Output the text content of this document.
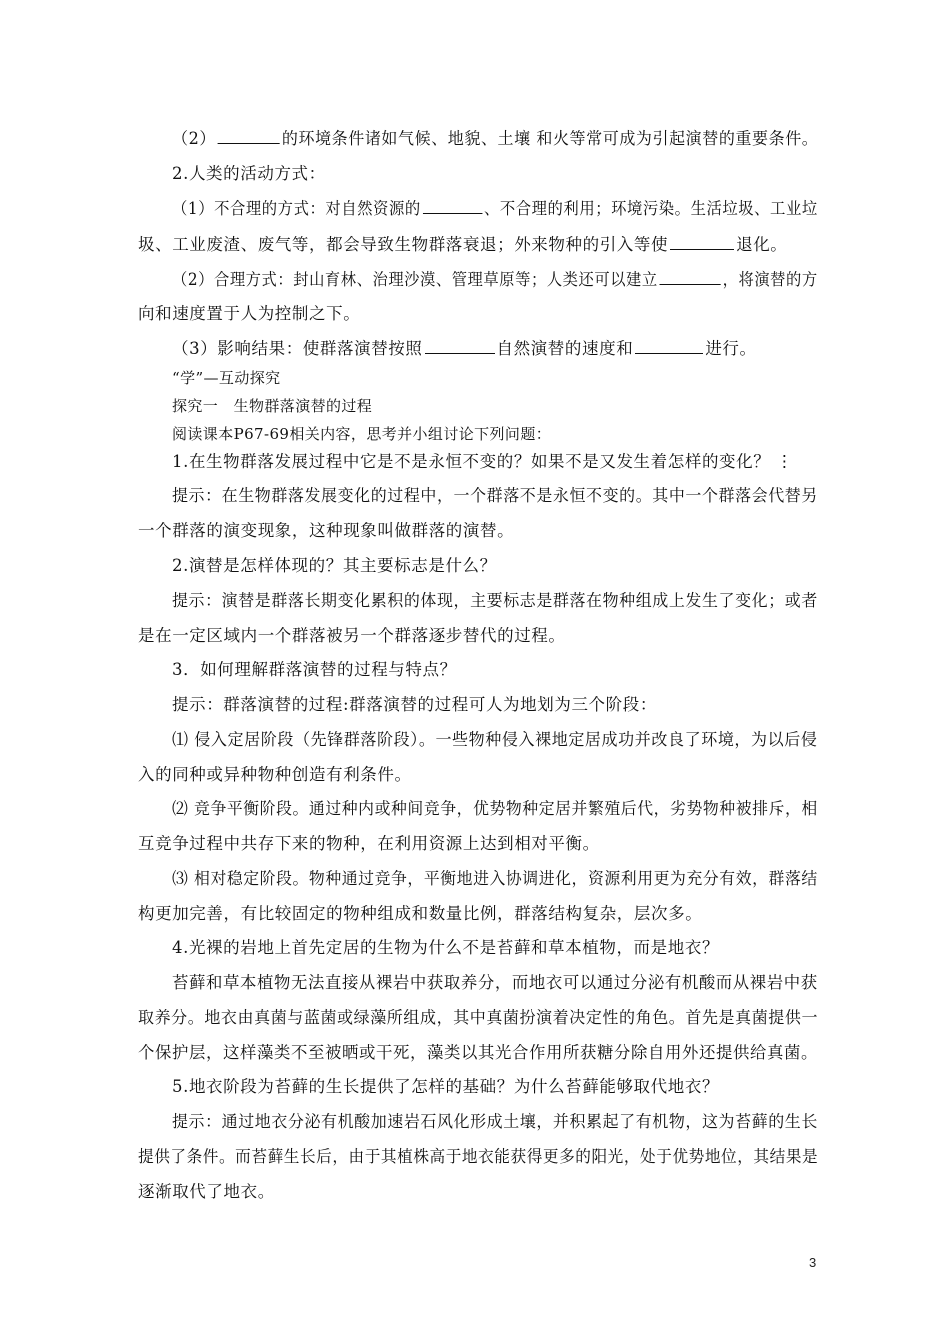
（2）	的环境条件诸如气候、地貌、土壤 和火等常可成为引起演替的重要条件。
2.人类的活动方式：
（1）不合理的方式：对自然资源的	、不合理的利用；环境污染。生活垃圾、工业垃
圾、工业废渣、废气等，都会导致生物群落衰退；外来物种的引入等使	退化。
（2）合理方式：封山育林、治理沙漠、管理草原等；人类还可以建立	，将演替的方
向和速度置于人为控制之下。
（3）影响结果：使群落演替按照	自然演替的速度和	进行。
“学”—互动探究
探究一　生物群落演替的过程
阅读课本P67-69相关内容，思考并小组讨论下列问题：
1.在生物群落发展过程中它是不是永恒不变的？如果不是又发生着怎样的变化？ ⋮
提示：在生物群落发展变化的过程中，一个群落不是永恒不变的。其中一个群落会代替另
一个群落的演变现象，这种现象叫做群落的演替。
2.演替是怎样体现的？其主要标志是什么？
提示：演替是群落长期变化累积的体现，主要标志是群落在物种组成上发生了变化；或者
是在一定区域内一个群落被另一个群落逐步替代的过程。
3．如何理解群落演替的过程与特点？
提示：群落演替的过程:群落演替的过程可人为地划为三个阶段：
⑴ 侵入定居阶段（先锋群落阶段）。一些物种侵入裸地定居成功并改良了环境，为以后侵
入的同种或异种物种创造有利条件。
⑵ 竞争平衡阶段。通过种内或种间竞争，优势物种定居并繁殖后代，劣势物种被排斥，相
互竞争过程中共存下来的物种，在利用资源上达到相对平衡。
⑶ 相对稳定阶段。物种通过竞争，平衡地进入协调进化，资源利用更为充分有效，群落结
构更加完善，有比较固定的物种组成和数量比例，群落结构复杂，层次多。
4.光裸的岩地上首先定居的生物为什么不是苔藓和草本植物，而是地衣？
苔藓和草本植物无法直接从裸岩中获取养分，而地衣可以通过分泌有机酸而从裸岩中获
取养分。地衣由真菌与蓝菌或绿藻所组成，其中真菌扮演着决定性的角色。首先是真菌提供一
个保护层，这样藻类不至被晒或干死，藻类以其光合作用所获糖分除自用外还提供给真菌。
5.地衣阶段为苔藓的生长提供了怎样的基础？为什么苔藓能够取代地衣？
提示：通过地衣分泌有机酸加速岩石风化形成土壤，并积累起了有机物，这为苔藓的生长
提供了条件。而苔藓生长后，由于其植株高于地衣能获得更多的阳光，处于优势地位，其结果是
逐渐取代了地衣。
3
